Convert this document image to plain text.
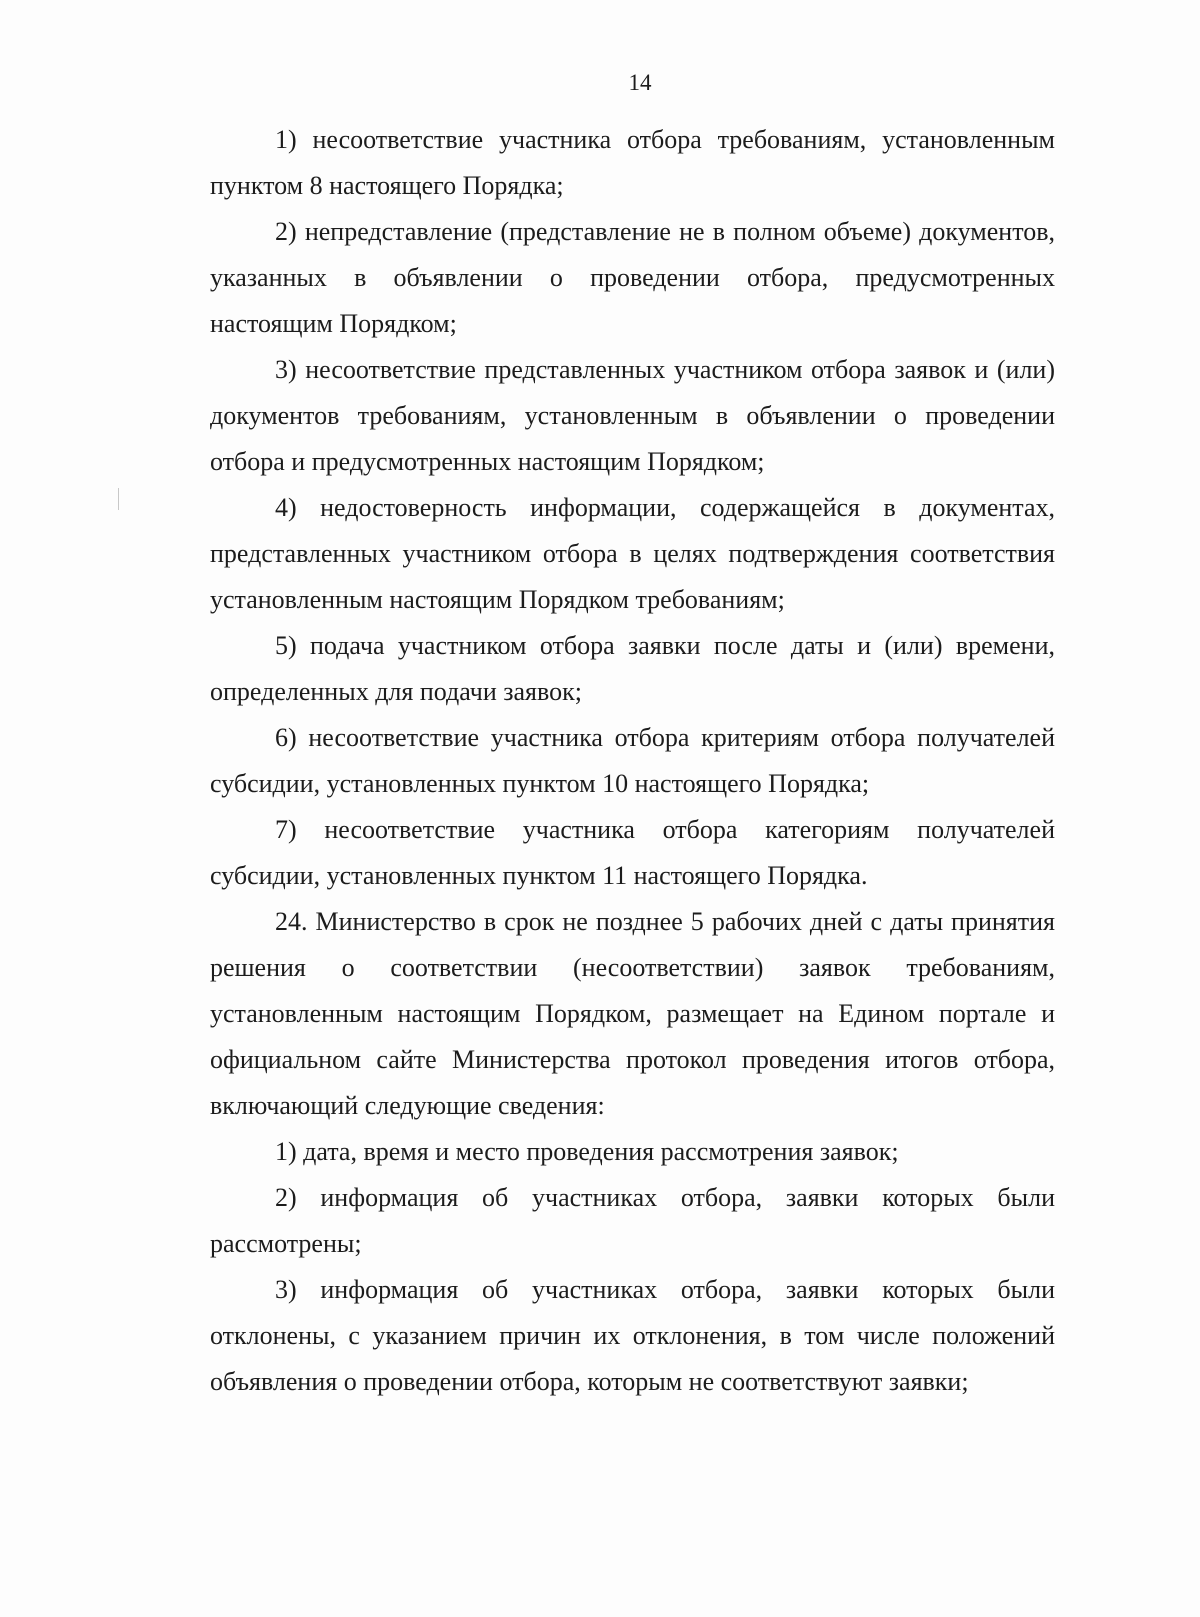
14

1) несоответствие участника отбора требованиям, установленным пунктом 8 настоящего Порядка;

2) непредставление (представление не в полном объеме) документов, указанных в объявлении о проведении отбора, предусмотренных настоящим Порядком;

3) несоответствие представленных участником отбора заявок и (или) документов требованиям, установленным в объявлении о проведении отбора и предусмотренных настоящим Порядком;

4) недостоверность информации, содержащейся в документах, представленных участником отбора в целях подтверждения соответствия установленным настоящим Порядком требованиям;

5) подача участником отбора заявки после даты и (или) времени, определенных для подачи заявок;

6) несоответствие участника отбора критериям отбора получателей субсидии, установленных пунктом 10 настоящего Порядка;

7) несоответствие участника отбора категориям получателей субсидии, установленных пунктом 11 настоящего Порядка.

24. Министерство в срок не позднее 5 рабочих дней с даты принятия решения о соответствии (несоответствии) заявок требованиям, установленным настоящим Порядком, размещает на Едином портале и официальном сайте Министерства протокол проведения итогов отбора, включающий следующие сведения:

1) дата, время и место проведения рассмотрения заявок;

2) информация об участниках отбора, заявки которых были рассмотрены;

3) информация об участниках отбора, заявки которых были отклонены, с указанием причин их отклонения, в том числе положений объявления о проведении отбора, которым не соответствуют заявки;
